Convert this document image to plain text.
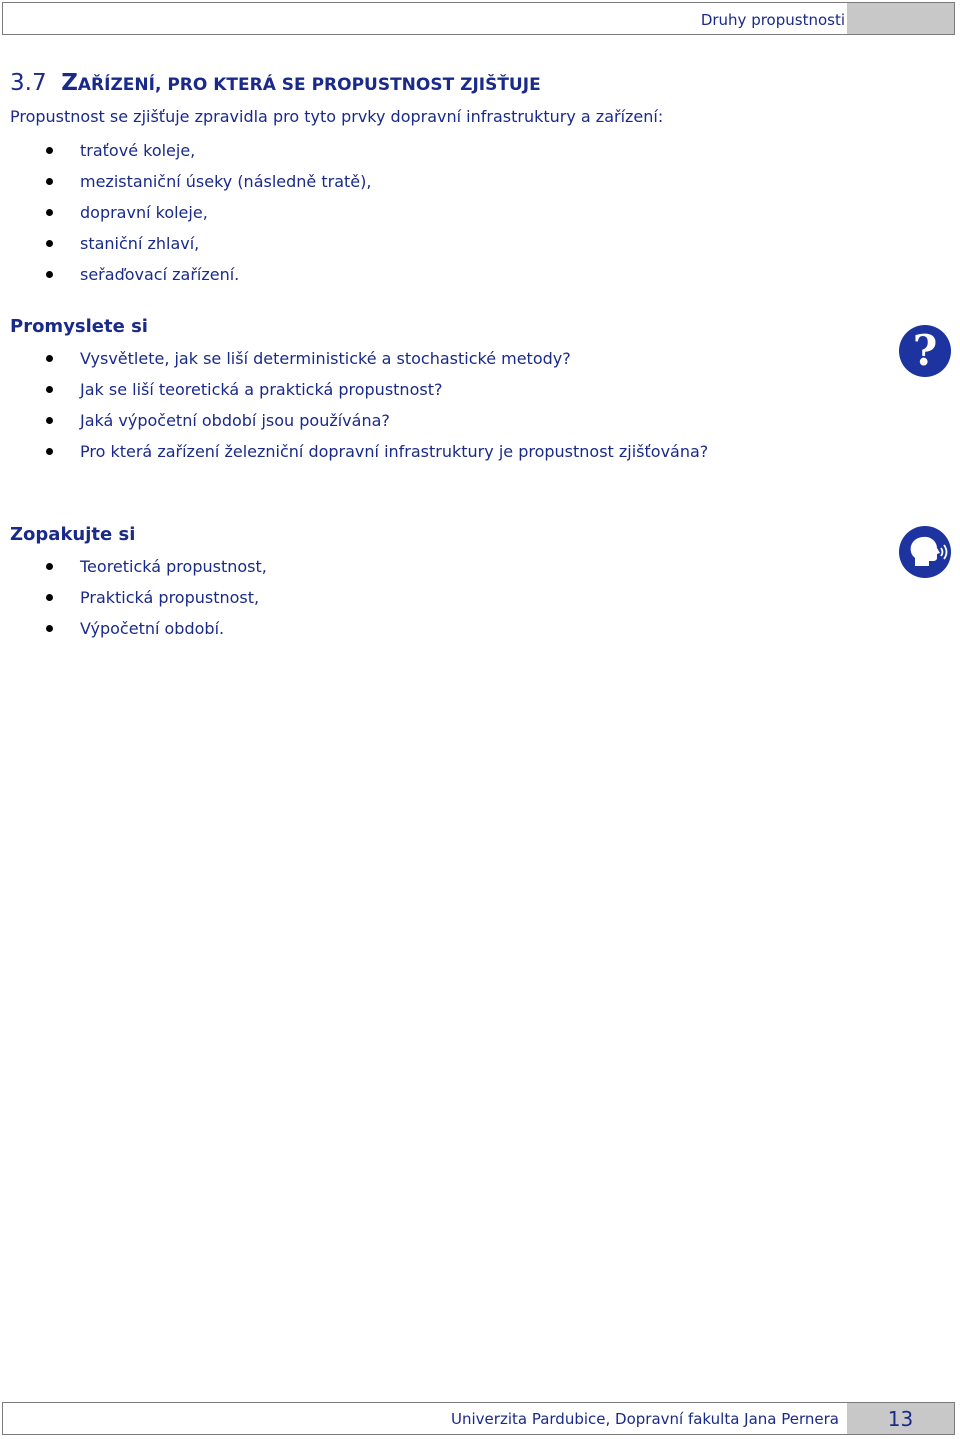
Druhy propustnosti
3.7 ZAŘÍZENÍ, PRO KTERÁ SE PROPUSTNOST ZJIŠŤUJE
Propustnost se zjišťuje zpravidla pro tyto prvky dopravní infrastruktury a zařízení:
traťové koleje,
mezistaniční úseky (následně tratě),
dopravní koleje,
staniční zhlaví,
seřaďovací zařízení.
Promyslete si	?
Vysvětlete, jak se liší deterministické a stochastické metody?
Jak se liší teoretická a praktická propustnost?
Jaká výpočetní období jsou používána?
Pro která zařízení železniční dopravní infrastruktury je propustnost zjišťována?
Zopakujte si
Teoretická propustnost,
Praktická propustnost,
Výpočetní období.
Univerzita Pardubice, Dopravní fakulta Jana Pernera	13
